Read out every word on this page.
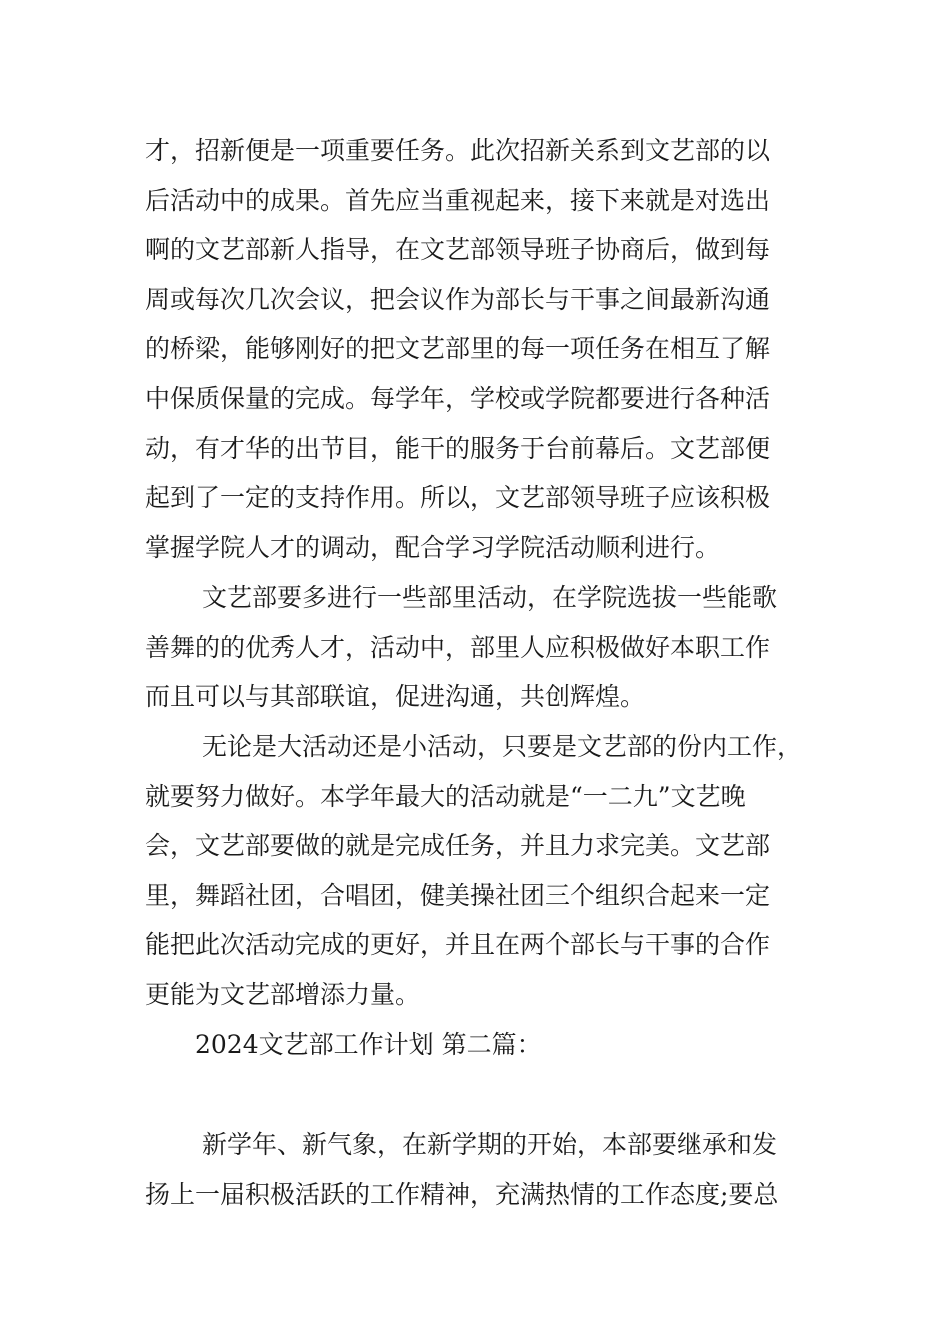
才，招新便是一项重要任务。此次招新关系到文艺部的以
后活动中的成果。首先应当重视起来，接下来就是对选出
啊的文艺部新人指导，在文艺部领导班子协商后，做到每
周或每次几次会议，把会议作为部长与干事之间最新沟通
的桥梁，能够刚好的把文艺部里的每一项任务在相互了解
中保质保量的完成。每学年，学校或学院都要进行各种活
动，有才华的出节目，能干的服务于台前幕后。文艺部便
起到了一定的支持作用。所以，文艺部领导班子应该积极
掌握学院人才的调动，配合学习学院活动顺利进行。
文艺部要多进行一些部里活动，在学院选拔一些能歌
善舞的的优秀人才，活动中，部里人应积极做好本职工作
而且可以与其部联谊，促进沟通，共创辉煌。
无论是大活动还是小活动，只要是文艺部的份内工作，
就要努力做好。本学年最大的活动就是“一二九”文艺晚
会，文艺部要做的就是完成任务，并且力求完美。文艺部
里，舞蹈社团，合唱团，健美操社团三个组织合起来一定
能把此次活动完成的更好，并且在两个部长与干事的合作
更能为文艺部增添力量。
2024文艺部工作计划 第二篇：
新学年、新气象，在新学期的开始，本部要继承和发
扬上一届积极活跃的工作精神，充满热情的工作态度;要总
